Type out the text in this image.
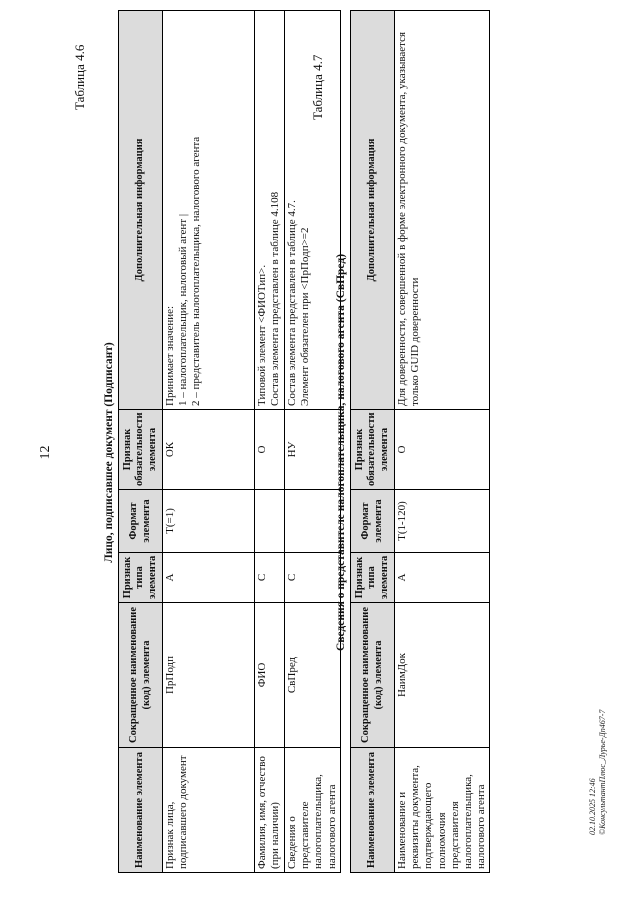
12
Таблица 4.6
Лицо, подписавшее документ (Подписант)
Наименование элемента	Сокращенное наименование (код) элемента	Признак типа элемента	Формат элемента	Признак обязательности элемента	Дополнительная информация
Признак лица, подписавшего документ	ПрПодп	А	Т(=1)	ОК	Принимает значение: 1 – налогоплательщик, налоговый агент | 2 – представитель налогоплательщика, налогового агента

Фамилия, имя, отчество (при наличии)	ФИО	С		О	Типовой элемент <ФИОТип>. Состав элемента представлен в таблице 4.108

Сведения о представителе налогоплательщика, налогового агента	СвПред	С		НУ	Состав элемента представлен в таблице 4.7. Элемент обязателен при <ПрПодп>=2
Таблица 4.7
Сведения о представителе налогоплательщика, налогового агента (СвПред)
Наименование элемента	Сокращенное наименование (код) элемента	Признак типа элемента	Формат элемента	Признак обязательности элемента	Дополнительная информация
Наименование и реквизиты документа, подтверждающего полномочия представителя налогоплательщика, налогового агента	НаимДок	А	Т(1-120)	О	Для доверенности, совершенной в форме электронного документа, указывается только GUID доверенности
02.10.2025 12:46 ©КонсультантПлюс_Лурье-Дп467-7
